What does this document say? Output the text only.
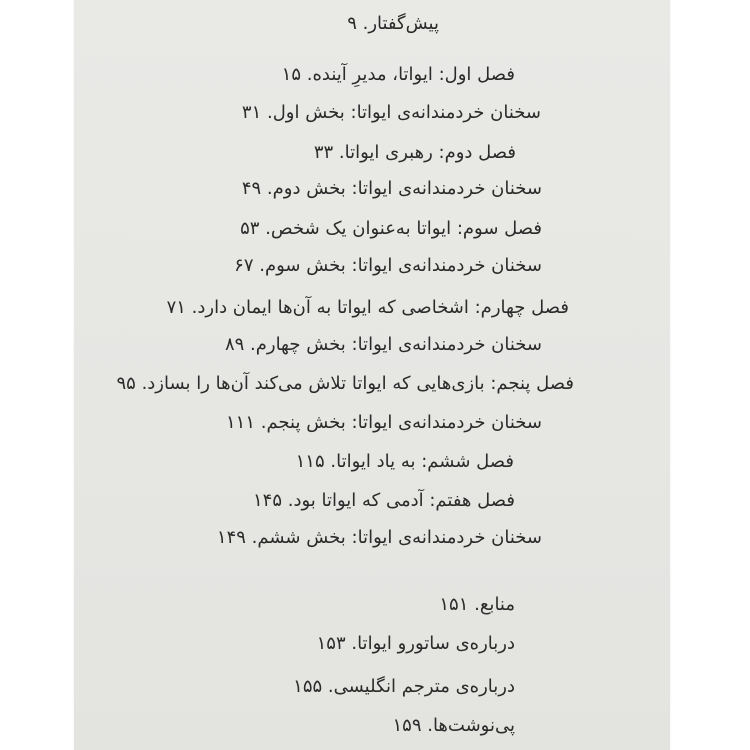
پیش‌گفتار. ۹
فصل اول: ایواتا، مدیرِ آینده. ۱۵
سخنان خردمندانه‌ی ایواتا: بخش اول. ۳۱
فصل دوم: رهبری ایواتا. ۳۳
سخنان خردمندانه‌ی ایواتا: بخش دوم. ۴۹
فصل سوم: ایواتا به‌عنوان یک شخص. ۵۳
سخنان خردمندانه‌ی ایواتا: بخش سوم. ۶۷
فصل چهارم: اشخاصی که ایواتا به آن‌ها ایمان دارد. ۷۱
سخنان خردمندانه‌ی ایواتا: بخش چهارم. ۸۹
فصل پنجم: بازی‌هایی که ایواتا تلاش می‌کند آن‌ها را بسازد. ۹۵
سخنان خردمندانه‌ی ایواتا: بخش پنجم. ۱۱۱
فصل ششم: به یاد ایواتا. ۱۱۵
فصل هفتم: آدمی که ایواتا بود. ۱۴۵
سخنان خردمندانه‌ی ایواتا: بخش ششم. ۱۴۹
منابع. ۱۵۱
درباره‌ی ساتورو ایواتا. ۱۵۳
درباره‌ی مترجم انگلیسی. ۱۵۵
پی‌نوشت‌ها. ۱۵۹
